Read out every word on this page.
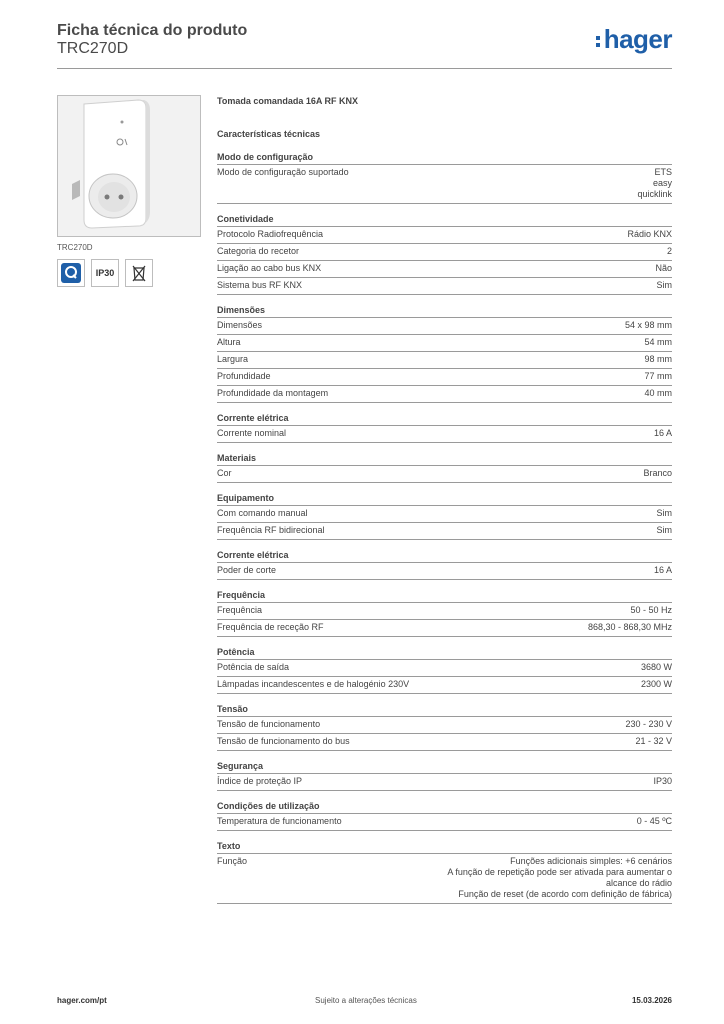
Ficha técnica do produto
TRC270D	hager
TRC270D
IP30
Tomada comandada 16A RF KNX
Características técnicas
Modo de configuração
Modo de configuração suportado	ETS
easy
quicklink
Conetividade
Protocolo Radiofrequência	Rádio KNX
Categoria do recetor	2
Ligação ao cabo bus KNX	Não
Sistema bus RF KNX	Sim
Dimensões
Dimensões	54 x 98 mm
Altura	54 mm
Largura	98 mm
Profundidade	77 mm
Profundidade da montagem	40 mm
Corrente elétrica
Corrente nominal	16 A
Materiais
Cor	Branco
Equipamento
Com comando manual	Sim
Frequência RF bidirecional	Sim
Corrente elétrica
Poder de corte	16 A
Frequência
Frequência	50 - 50 Hz
Frequência de receção RF	868,30 - 868,30 MHz
Potência
Potência de saída	3680 W
Lâmpadas incandescentes e de halogénio 230V	2300 W
Tensão
Tensão de funcionamento	230 - 230 V
Tensão de funcionamento do bus	21 - 32 V
Segurança
Índice de proteção IP	IP30
Condições de utilização
Temperatura de funcionamento	0 - 45 ºC
Texto
Função	Funções adicionais simples: +6 cenários
A função de repetição pode ser ativada para aumentar o
alcance do rádio
Função de reset (de acordo com definição de fábrica)
hager.com/pt	Sujeito a alterações técnicas	15.03.2026
